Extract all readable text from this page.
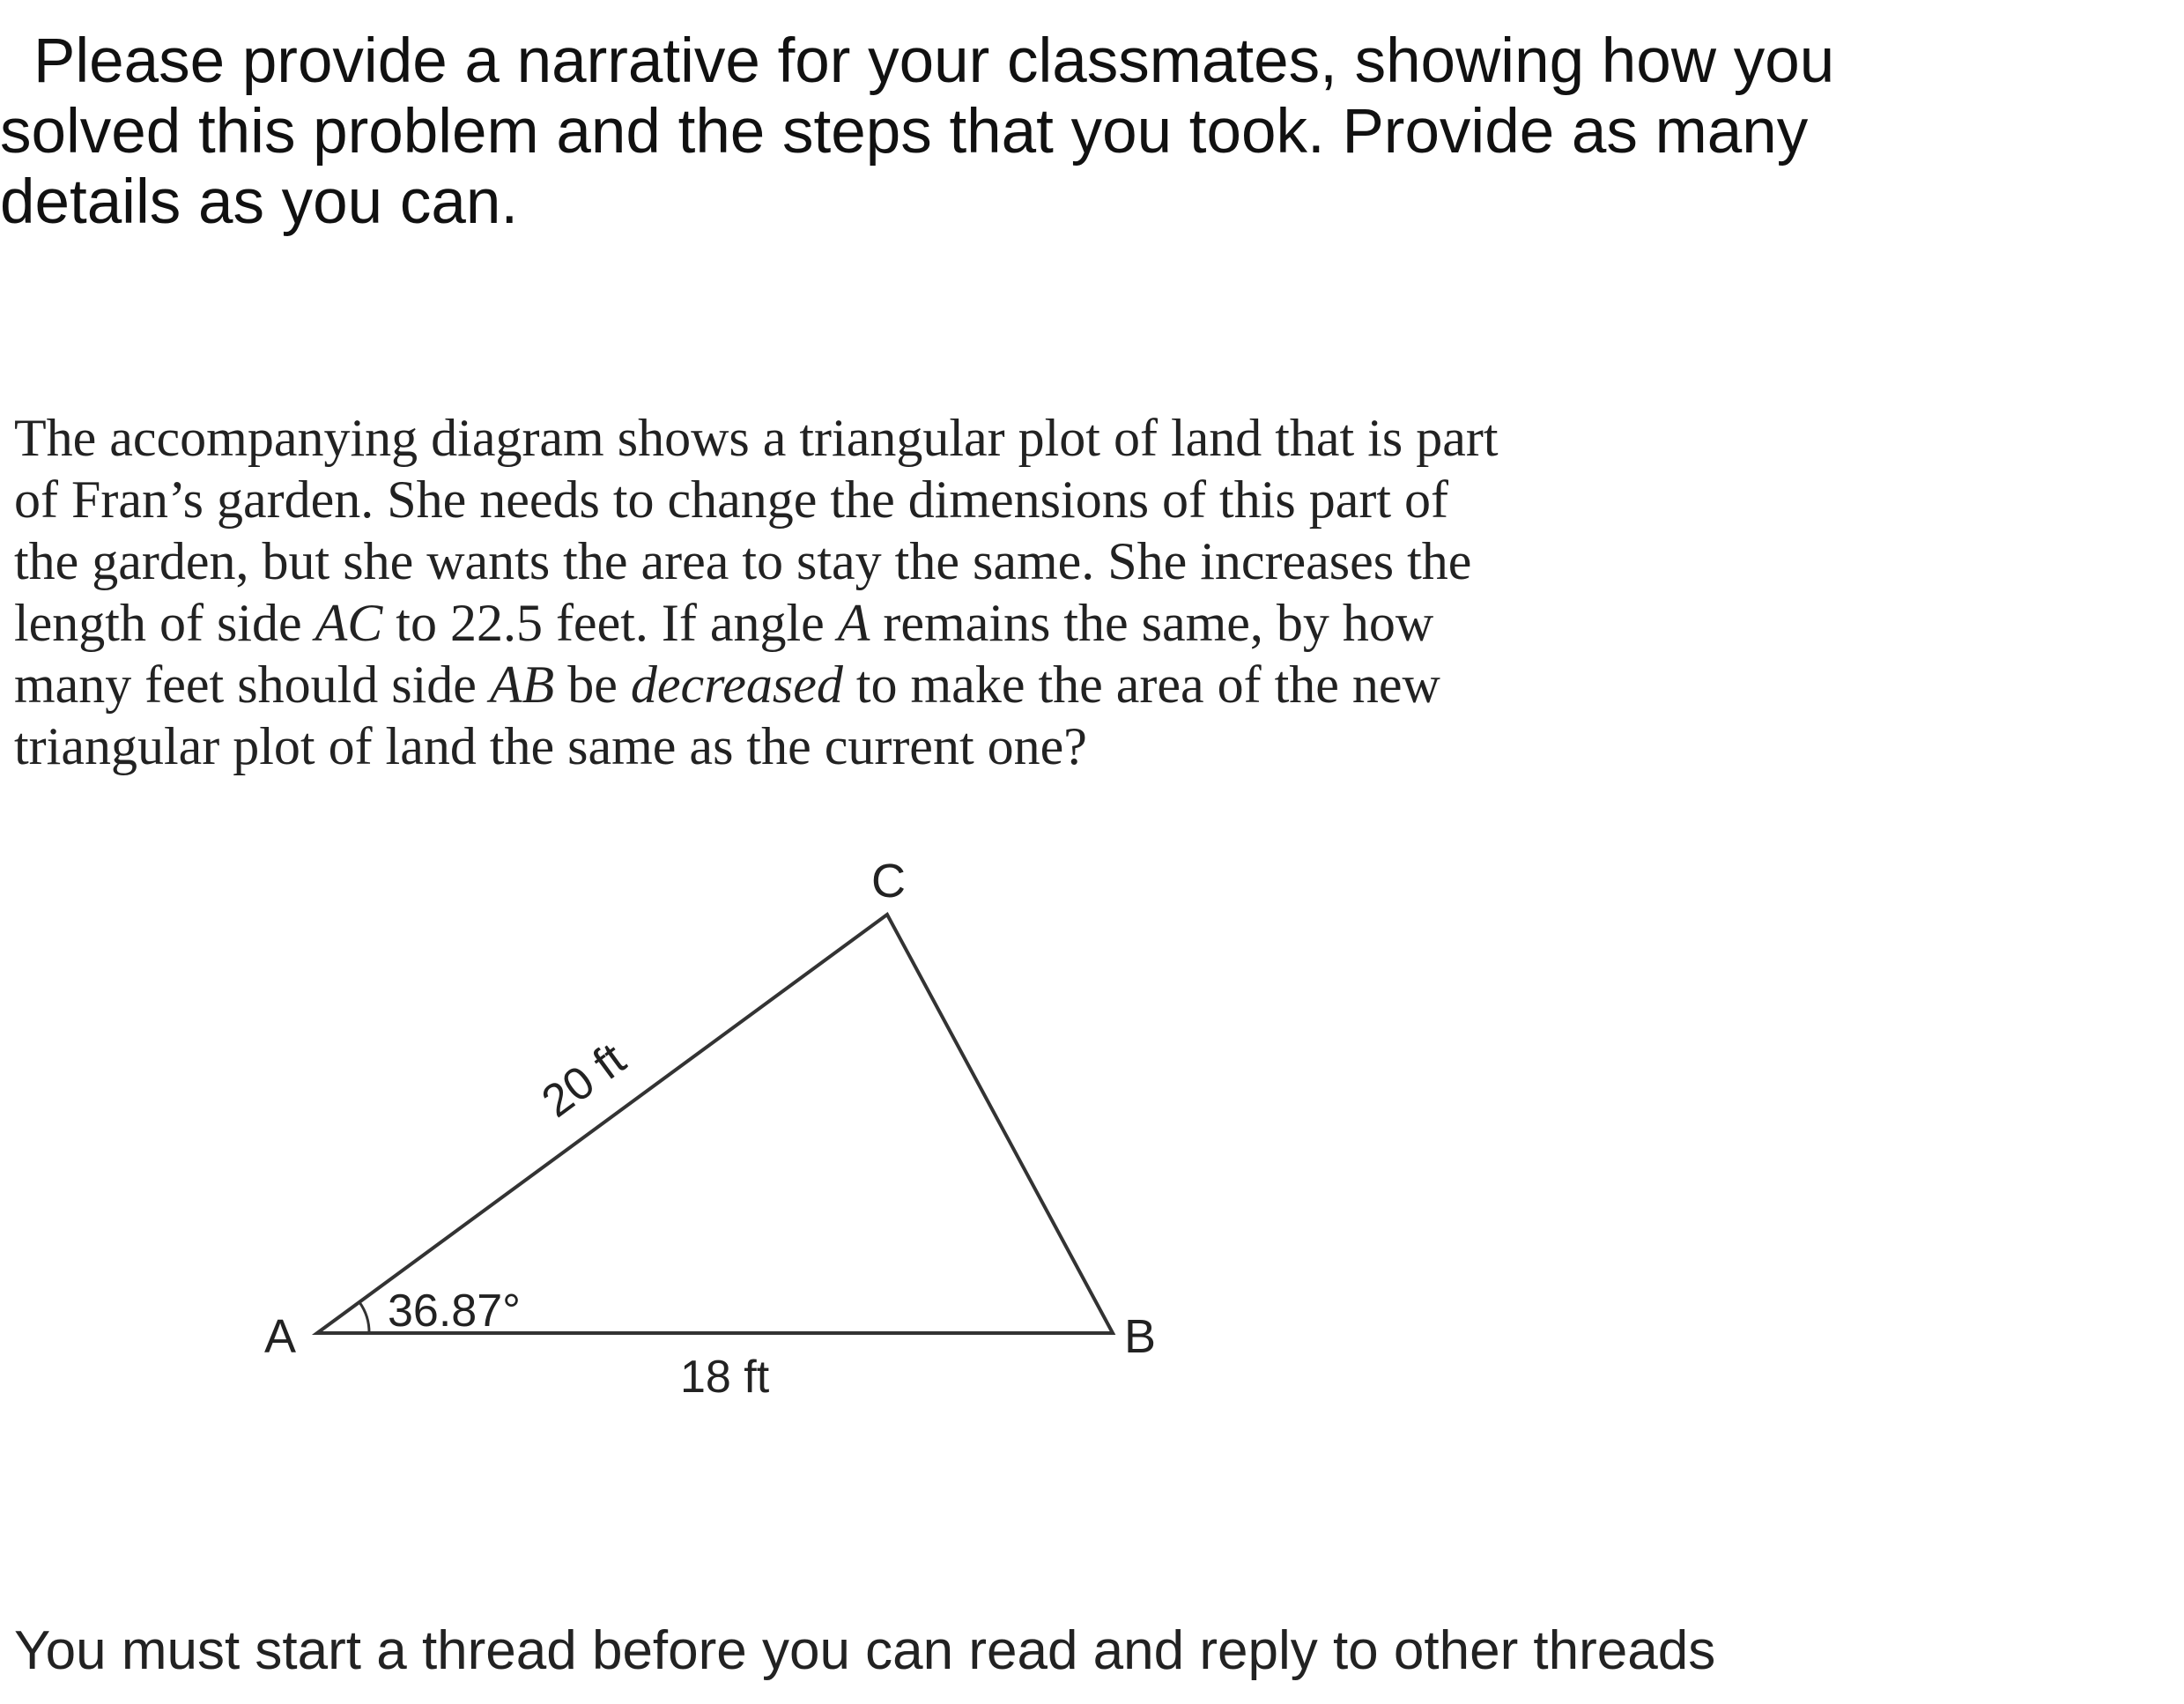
Please provide a narrative for your classmates, showing how you
solved this problem and the steps that you took. Provide as many
details as you can.
The accompanying diagram shows a triangular plot of land that is part
of Fran’s garden. She needs to change the dimensions of this part of
the garden, but she wants the area to stay the same. She increases the
length of side AC to 22.5 feet. If angle A remains the same, by how
many feet should side AB be decreased to make the area of the new
triangular plot of land the same as the current one?
A	B
C
36.87°
18 ft
20 ft
You must start a thread before you can read and reply to other threads
